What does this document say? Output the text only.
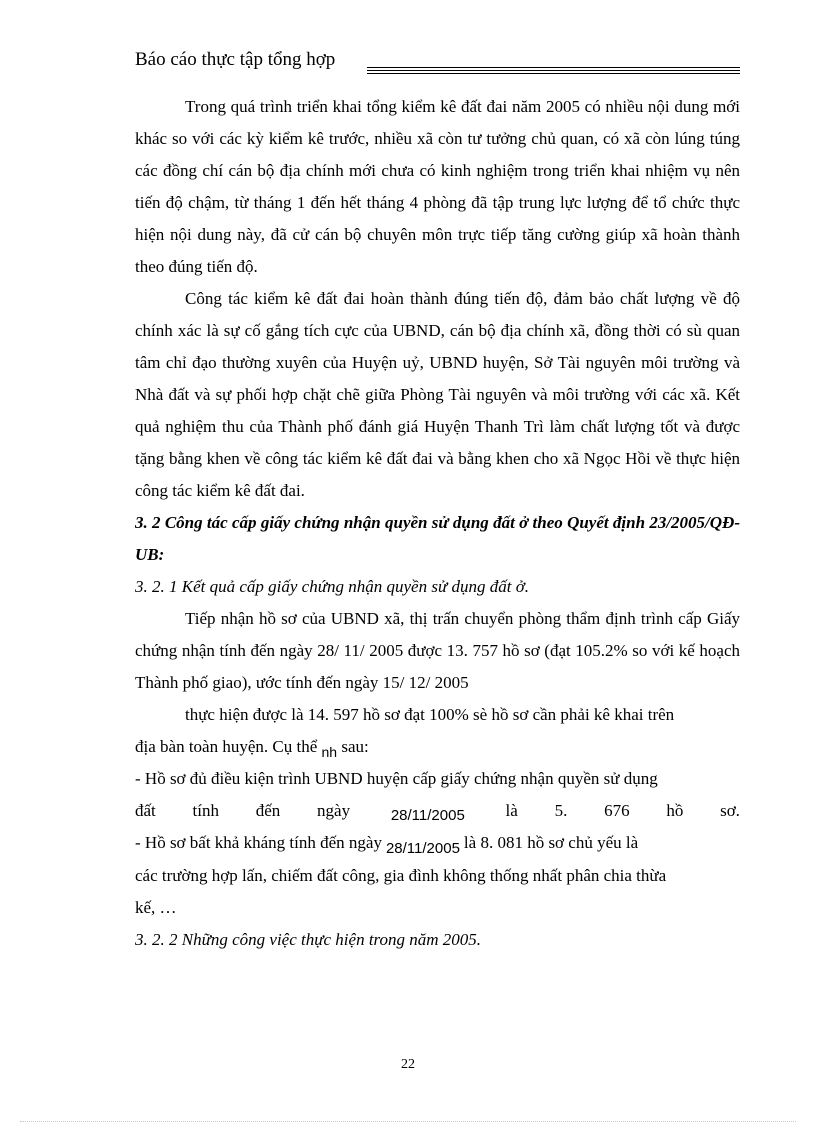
Báo cáo thực tập tổng hợp

Trong quá trình triển khai tổng kiểm kê đất đai năm 2005 có nhiều nội dung mới khác so với các kỳ kiểm kê trước, nhiều xã còn tư tưởng chủ quan, có xã còn lúng túng các đồng chí cán bộ địa chính mới chưa có kinh nghiệm trong triển khai nhiệm vụ nên tiến độ chậm, từ tháng 1 đến hết tháng 4 phòng đã tập trung lực lượng để tổ chức thực hiện nội dung này, đã cử cán bộ chuyên môn trực tiếp tăng cường giúp xã hoàn thành theo đúng tiến độ.

Công tác kiểm kê đất đai hoàn thành đúng tiến độ, đảm bảo chất lượng về độ chính xác là sự cố gắng tích cực của UBND, cán bộ địa chính xã, đồng thời có sù quan tâm chỉ đạo thường xuyên của Huyện uỷ, UBND huyện, Sở Tài nguyên môi trường và Nhà đất và sự phối hợp chặt chẽ giữa Phòng Tài nguyên và môi trường với các xã. Kết quả nghiệm thu của Thành phố đánh giá Huyện Thanh Trì làm chất lượng tốt và được tặng bằng khen về công tác kiểm kê đất đai và bằng khen cho xã Ngọc Hồi về thực hiện công tác kiểm kê đất đai.

3. 2 Công tác cấp giấy chứng nhận quyền sử dụng đất ở theo Quyết định 23/2005/QĐ-UB:

3. 2. 1 Kết quả cấp giấy chứng nhận quyền sử dụng đất ở.

Tiếp nhận hồ sơ của UBND xã, thị trấn chuyển phòng thẩm định trình cấp Giấy chứng nhận tính đến ngày 28/ 11/ 2005 được 13. 757 hồ sơ (đạt 105.2% so với kế hoạch Thành phố giao), ước tính đến ngày 15/ 12/ 2005

thực hiện được là 14. 597 hồ sơ đạt 100% sè hồ sơ cần phải kê khai trên

địa bàn toàn huyện. Cụ thể $_{nh}$ sau:

- Hồ sơ đủ điều kiện trình UBND huyện cấp giấy chứng nhận quyền sử dụng

đất tính đến ngày	28/11/2005 là 5. 676 hồ sơ.

- Hồ sơ bất khả kháng tính đến ngày 28/11/2005 là 8. 081 hồ sơ chủ yếu là

các trường hợp lấn, chiếm đất công, gia đình không thống nhất phân chia thừa

kế, …

3. 2. 2 Những công việc thực hiện trong năm 2005.

22
